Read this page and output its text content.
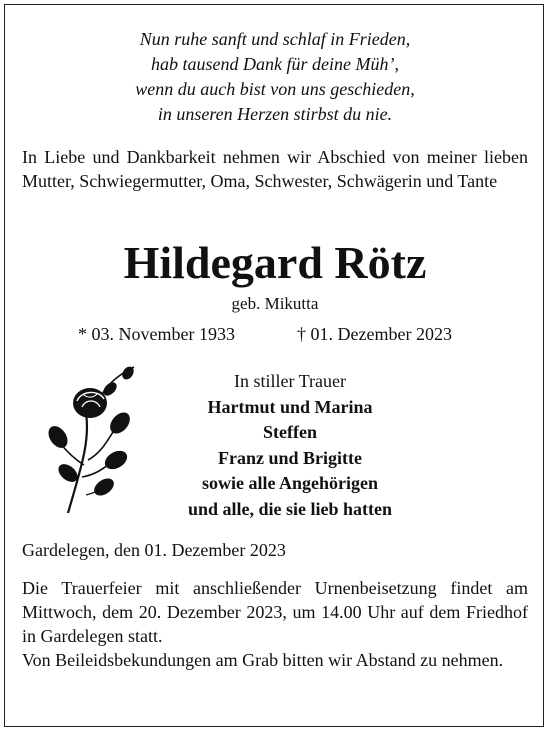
Nun ruhe sanft und schlaf in Frieden,
hab tausend Dank für deine Müh’,
wenn du auch bist von uns geschieden,
in unseren Herzen stirbst du nie.
In Liebe und Dankbarkeit nehmen wir Abschied von meiner lieben Mutter, Schwiegermutter, Oma, Schwester, Schwägerin und Tante
Hildegard Rötz
geb. Mikutta
* 03. November 1933	† 01. Dezember 2023
In stiller Trauer
Hartmut und Marina
Steffen
Franz und Brigitte
sowie alle Angehörigen
und alle, die sie lieb hatten
Gardelegen, den 01. Dezember 2023

Die Trauerfeier mit anschließender Urnenbeisetzung findet am Mittwoch, dem 20. Dezember 2023, um 14.00 Uhr auf dem Friedhof in Gardelegen statt.

Von Beileidsbekundungen am Grab bitten wir Abstand zu nehmen.
